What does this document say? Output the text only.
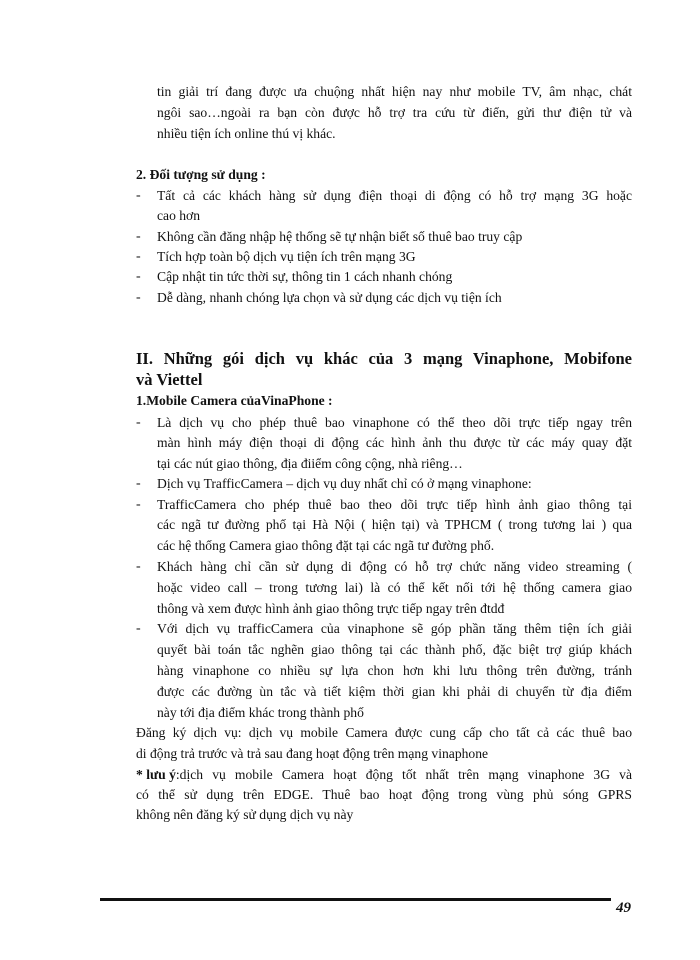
tin giải trí đang được ưa chuộng nhất hiện nay như mobile TV, âm nhạc, chát
ngôi sao…ngoài ra bạn còn được hỗ trợ tra cứu từ điển, gửi thư điện tử và
nhiều tiện ích online thú vị khác.
2. Đối tượng sử dụng :
- Tất cả các khách hàng sử dụng điện thoại di động có hỗ trợ mạng 3G hoặc
cao hơn
- Không cần đăng nhập hệ thống sẽ tự nhận biết số thuê bao truy cập
- Tích hợp toàn bộ dịch vụ tiện ích trên mạng 3G
- Cập nhật tin tức thời sự, thông tin 1 cách nhanh chóng
- Dễ dàng, nhanh chóng lựa chọn và sử dụng các dịch vụ tiện ích
II. Những gói dịch vụ khác của 3 mạng Vinaphone, Mobifone
và Viettel
1.Mobile Camera củaVinaPhone :
- Là dịch vụ cho phép thuê bao vinaphone có thể theo dõi trực tiếp ngay trên
màn hình máy điện thoại di động các hình ảnh thu được từ các máy quay đặt
tại các nút giao thông, địa điiểm công cộng, nhà riêng…
- Dịch vụ TrafficCamera – dịch vụ duy nhất chỉ có ở mạng vinaphone:
- TrafficCamera cho phép thuê bao theo dõi trực tiếp hình ảnh giao thông tại
các ngã tư đường phố tại Hà Nội ( hiện tại) và TPHCM ( trong tương lai ) qua
các hệ thống Camera giao thông đặt tại các ngã tư đường phố.
- Khách hàng chỉ cần sử dụng di động có hỗ trợ chức năng video streaming (
hoặc video call – trong tương lai) là có thể kết nối tới hệ thống camera giao
thông và xem được hình ảnh giao thông trực tiếp ngay trên đtdđ
- Với dịch vụ trafficCamera của vinaphone sẽ góp phần tăng thêm tiện ích giải
quyết bài toán tắc nghẽn giao thông tại các thành phố, đặc biệt trợ giúp khách
hàng vinaphone co nhiều sự lựa chon hơn khi lưu thông trên đường, tránh
được các đường ùn tắc và tiết kiệm thời gian khi phải di chuyển từ địa điểm
này tới địa điểm khác trong thành phố
Đăng ký dịch vụ: dịch vụ mobile Camera được cung cấp cho tất cả các thuê bao
di động trả trước và trả sau đang hoạt động trên mạng vinaphone
* lưu ý :dịch vụ mobile Camera hoạt động tốt nhất trên mạng vinaphone 3G và
có thể sử dụng trên EDGE. Thuê bao hoạt động trong vùng phủ sóng GPRS
không nên đăng ký sử dụng dịch vụ này
49
